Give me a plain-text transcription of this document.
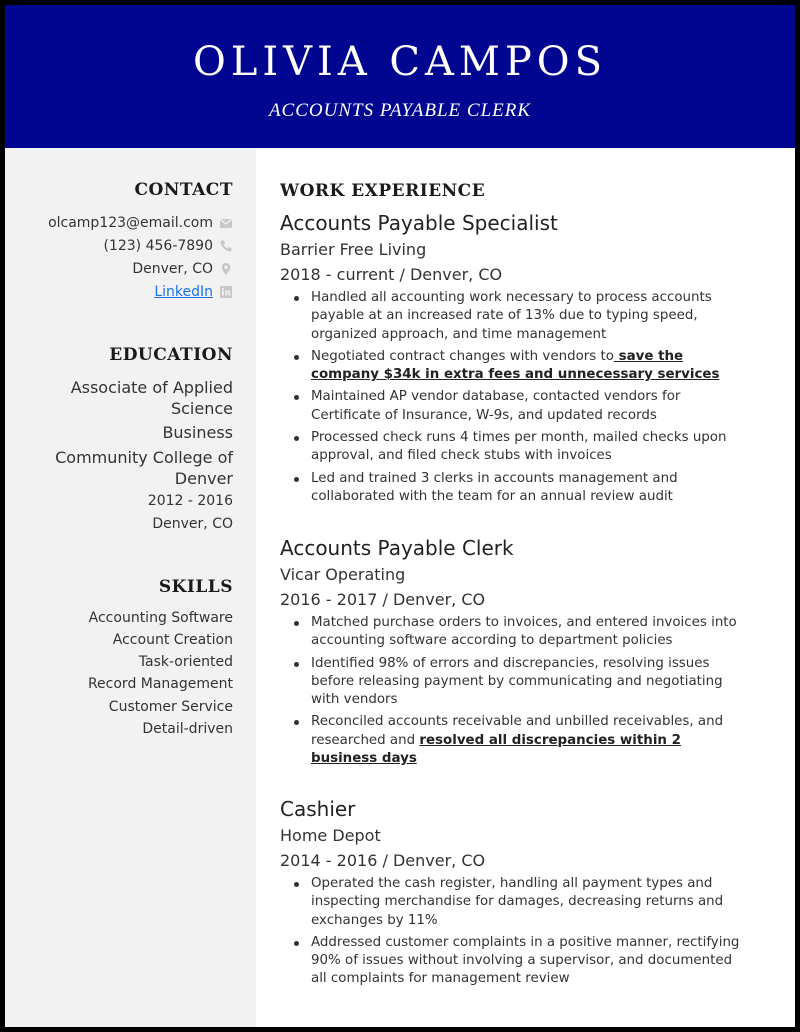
OLIVIA CAMPOS
ACCOUNTS PAYABLE CLERK
CONTACT
olcamp123@email.com
(123) 456-7890
Denver, CO
LinkedIn
EDUCATION
Associate of Applied
Science
Business
Community College of
Denver
2012 - 2016
Denver, CO
SKILLS
Accounting Software
Account Creation
Task-oriented
Record Management
Customer Service
Detail-driven
WORK EXPERIENCE
Accounts Payable Specialist
Barrier Free Living
2018 - current / Denver, CO
Handled all accounting work necessary to process accounts payable at an increased rate of 13% due to typing speed, organized approach, and time management
Negotiated contract changes with vendors to save the company $34k in extra fees and unnecessary services
Maintained AP vendor database, contacted vendors for Certificate of Insurance, W-9s, and updated records
Processed check runs 4 times per month, mailed checks upon approval, and filed check stubs with invoices
Led and trained 3 clerks in accounts management and collaborated with the team for an annual review audit
Accounts Payable Clerk
Vicar Operating
2016 - 2017 / Denver, CO
Matched purchase orders to invoices, and entered invoices into accounting software according to department policies
Identified 98% of errors and discrepancies, resolving issues before releasing payment by communicating and negotiating with vendors
Reconciled accounts receivable and unbilled receivables, and researched and resolved all discrepancies within 2 business days
Cashier
Home Depot
2014 - 2016 / Denver, CO
Operated the cash register, handling all payment types and inspecting merchandise for damages, decreasing returns and exchanges by 11%
Addressed customer complaints in a positive manner, rectifying 90% of issues without involving a supervisor, and documented all complaints for management review
